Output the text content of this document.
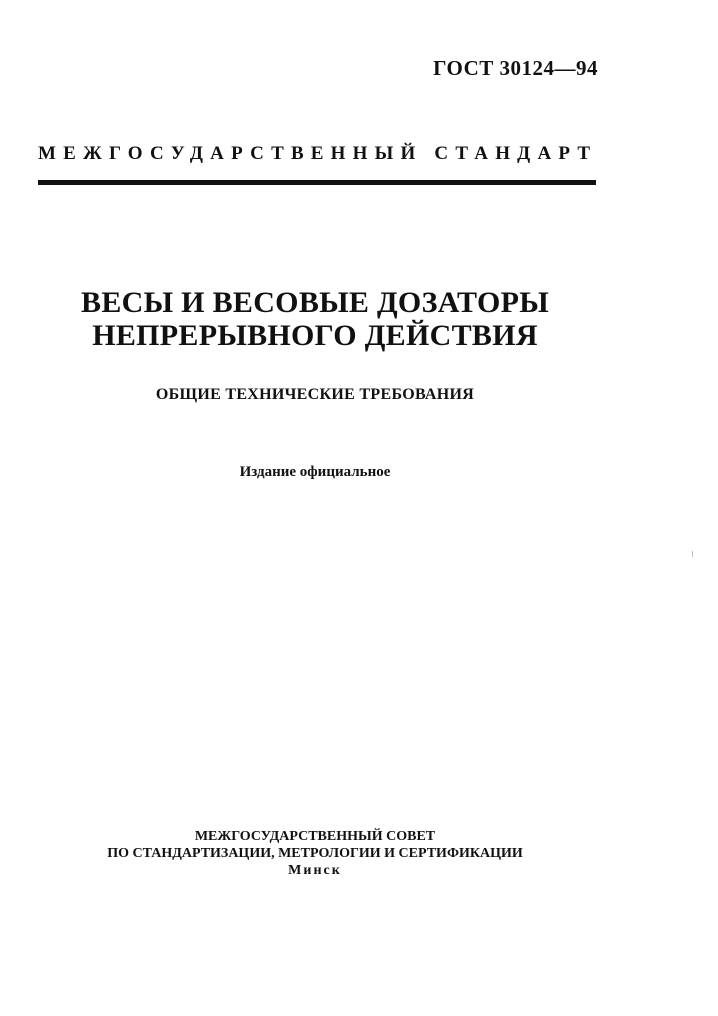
ГОСТ 30124—94
МЕЖГОСУДАРСТВЕННЫЙ СТАНДАРТ
ВЕСЫ И ВЕСОВЫЕ ДОЗАТОРЫ
НЕПРЕРЫВНОГО ДЕЙСТВИЯ
ОБЩИЕ ТЕХНИЧЕСКИЕ ТРЕБОВАНИЯ
Издание официальное
МЕЖГОСУДАРСТВЕННЫЙ СОВЕТ
ПО СТАНДАРТИЗАЦИИ, МЕТРОЛОГИИ И СЕРТИФИКАЦИИ
Минск
